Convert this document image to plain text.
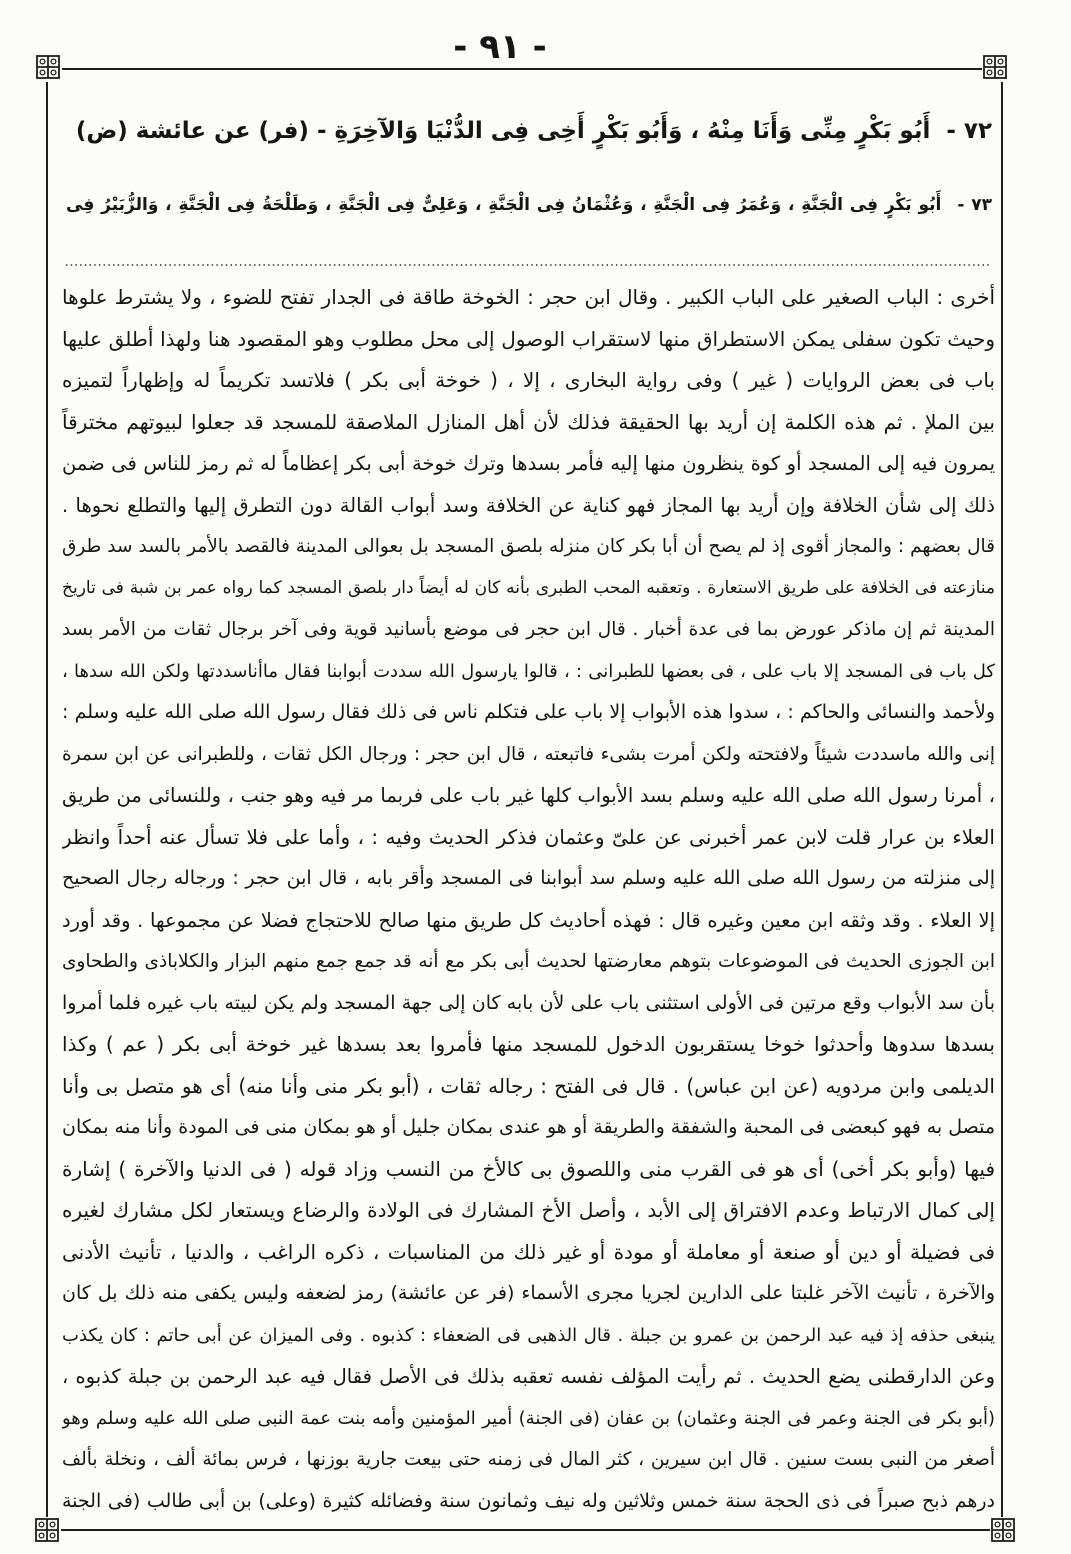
- ٩١ -
٧٢ -أَبُو بَكْرٍ مِنِّى وَأَنَا مِنْهُ ، وَأَبُو بَكْرٍ أَخِى فِى الدُّنْيَا وَالآخِرَةِ - (فر) عن عائشة (ض)
٧٣ -أَبُو بَكْرٍ فِى الْجَنَّةِ ، وَعُمَرُ فِى الْجَنَّةِ ، وَعُثْمَانُ فِى الْجَنَّةِ ، وَعَلِىٌّ فِى الْجَنَّةِ ، وَطَلْحَةُ فِى الْجَنَّةِ ، وَالزُّبَيْرُ فِى
أخرى : الباب الصغير على الباب الكبير . وقال ابن حجر : الخوخة طاقة فى الجدار تفتح للضوء ، ولا يشترط علوها
وحيث تكون سفلى يمكن الاستطراق منها لاستقراب الوصول إلى محل مطلوب وهو المقصود هنا ولهذا أطلق عليها
باب فى بعض الروايات ( غير ) وفى رواية البخارى ، إلا ، ( خوخة أبى بكر ) فلاتسد تكريماً له وإظهاراً لتميزه
بين الملإ . ثم هذه الكلمة إن أريد بها الحقيقة فذلك لأن أهل المنازل الملاصقة للمسجد قد جعلوا لبيوتهم مخترقاً
يمرون فيه إلى المسجد أو كوة ينظرون منها إليه فأمر بسدها وترك خوخة أبى بكر إعظاماً له ثم رمز للناس فى ضمن
ذلك إلى شأن الخلافة وإن أريد بها المجاز فهو كناية عن الخلافة وسد أبواب القالة دون التطرق إليها والتطلع نحوها .
قال بعضهم : والمجاز أقوى إذ لم يصح أن أبا بكر كان منزله بلصق المسجد بل بعوالى المدينة فالقصد بالأمر بالسد سد طرق
منازعته فى الخلافة على طريق الاستعارة . وتعقبه المحب الطبرى بأنه كان له أيضاً دار بلصق المسجد كما رواه عمر بن شبة فى تاريخ
المدينة ثم إن ماذكر عورض بما فى عدة أخبار . قال ابن حجر فى موضع بأسانيد قوية وفى آخر برجال ثقات من الأمر بسد
كل باب فى المسجد إلا باب على ، فى بعضها للطبرانى : ، قالوا يارسول الله سددت أبوابنا فقال ماأناسددتها ولكن الله سدها ،
ولأحمد والنسائى والحاكم : ، سدوا هذه الأبواب إلا باب على فتكلم ناس فى ذلك فقال رسول الله صلى الله عليه وسلم :
إنى والله ماسددت شيئاً ولافتحته ولكن أمرت بشىء فاتبعته ، قال ابن حجر : ورجال الكل ثقات ، وللطبرانى عن ابن سمرة
، أمرنا رسول الله صلى الله عليه وسلم بسد الأبواب كلها غير باب على فربما مر فيه وهو جنب ، وللنسائى من طريق
العلاء بن عرار قلت لابن عمر أخبرنى عن علىّ وعثمان فذكر الحديث وفيه : ، وأما على فلا تسأل عنه أحداً وانظر
إلى منزلته من رسول الله صلى الله عليه وسلم سد أبوابنا فى المسجد وأقر بابه ، قال ابن حجر : ورجاله رجال الصحيح
إلا العلاء . وقد وثقه ابن معين وغيره قال : فهذه أحاديث كل طريق منها صالح للاحتجاج فضلا عن مجموعها . وقد أورد
ابن الجوزى الحديث فى الموضوعات بتوهم معارضتها لحديث أبى بكر مع أنه قد جمع جمع منهم البزار والكلاباذى والطحاوى
بأن سد الأبواب وقع مرتين فى الأولى استثنى باب على لأن بابه كان إلى جهة المسجد ولم يكن لبيته باب غيره فلما أمروا
بسدها سدوها وأحدثوا خوخا يستقربون الدخول للمسجد منها فأمروا بعد بسدها غير خوخة أبى بكر ( عم ) وكذا
الديلمى وابن مردويه (عن ابن عباس) . قال فى الفتح : رجاله ثقات ، (أبو بكر منى وأنا منه) أى هو متصل بى وأنا
متصل به فهو كبعضى فى المحبة والشفقة والطريقة أو هو عندى بمكان جليل أو هو بمكان منى فى المودة وأنا منه بمكان
فيها (وأبو بكر أخى) أى هو فى القرب منى واللصوق بى كالأخ من النسب وزاد قوله ( فى الدنيا والآخرة ) إشارة
إلى كمال الارتباط وعدم الافتراق إلى الأبد ، وأصل الأخ المشارك فى الولادة والرضاع ويستعار لكل مشارك لغيره
فى فضيلة أو دين أو صنعة أو معاملة أو مودة أو غير ذلك من المناسبات ، ذكره الراغب ، والدنيا ، تأنيث الأدنى
والآخرة ، تأنيث الآخر غلبتا على الدارين لجريا مجرى الأسماء (فر عن عائشة) رمز لضعفه وليس يكفى منه ذلك بل كان
ينبغى حذفه إذ فيه عبد الرحمن بن عمرو بن جبلة . قال الذهبى فى الضعفاء : كذبوه . وفى الميزان عن أبى حاتم : كان يكذب
وعن الدارقطنى يضع الحديث . ثم رأيت المؤلف نفسه تعقبه بذلك فى الأصل فقال فيه عبد الرحمن بن جبلة كذبوه ،
(أبو بكر فى الجنة وعمر فى الجنة وعثمان) بن عفان (فى الجنة) أمير المؤمنين وأمه بنت عمة النبى صلى الله عليه وسلم وهو
أصغر من النبى بست سنين . قال ابن سيرين ، كثر المال فى زمنه حتى بيعت جارية بوزنها ، فرس بمائة ألف ، ونخلة بألف
درهم ذبح صبراً فى ذى الحجة سنة خمس وثلاثين وله نيف وثمانون سنة وفضائله كثيرة (وعلى) بن أبى طالب (فى الجنة
